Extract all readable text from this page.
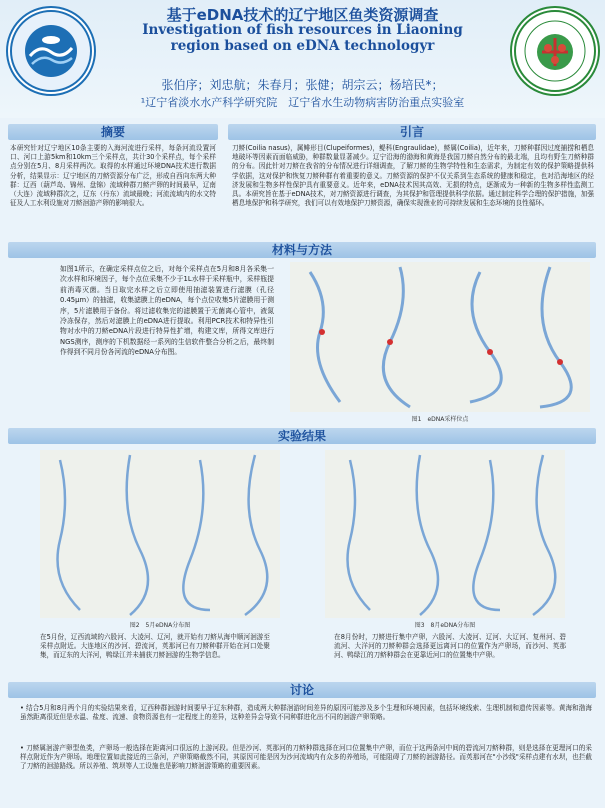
基于eDNA技术的辽宁地区鱼类资源调查
Investigation of fish resources in Liaoning
region based on eDNA technologyr
张伯序；刘忠航；朱春月；张健；胡宗云；杨培民*；
¹辽宁省淡水水产科学研究院　辽宁省水生动物病害防治重点实验室
摘要
本研究针对辽宁地区10条主要的入海河流进行采样，每条河流设置河口、河口上游5km和10km三个采样点，共计30个采样点，每个采样点分别在5月、8月采样两次。取得的水样通过环境DNA技术进行数据分析，结果显示：辽宁地区的刀鲚资源分布广泛，形成自西向东两大种群：辽西（葫芦岛、锦州、盘锦）流域种群刀鲚产卵的时间最早，辽南（大连）流域种群次之，辽东（丹东）流域最晚；河流流域内的水文特征及人工水利设施对刀鲚洄游产卵的影响很大。
引言
刀鲚(Coilia nasus)，属鲱形目(Clupeiformes)，鳀科(Engraulidae)，鲚属(Coilia)，近年来，刀鲚种群因过度捕捞和栖息地破坏等因素而面临威胁，种群数量显著减少。辽宁沿海的渤海和黄海是我国刀鲚自然分布的最北端，且均有野生刀鲚种群的分布。因此针对刀鲚在我省的分布情况进行详细调查，了解刀鲚的生物学特性和生态需求，为制定有效的保护策略提供科学依据，这对保护和恢复刀鲚种群有着重要的意义。刀鲚资源的保护不仅关系到生态系统的健康和稳定，也对沿海地区的经济发展和生物多样性保护具有重要意义。近年来，eDNA技术因其高效、无损的特点，逐渐成为一种新的生物多样性监测工具。本研究旨在基于eDNA技术，对刀鲚资源进行调查，为其保护和管理提供科学依据。通过制定科学合理的保护措施，加强栖息地保护和科学研究，我们可以有效地保护刀鲚资源，确保实现渔业的可持续发展和生态环境的良性循环。
材料与方法
如图1所示，在确定采样点位之后，对每个采样点在5月和8月各采集一次水样和环境因子，每个点位采集不少于1L水样于采样瓶中，采样瓶提前消毒灭菌。当日取完水样之后立即使用抽滤装置进行滤膜（孔径0.45μm）的抽滤，收集滤膜上的eDNA，每个点位收集5片滤膜用于测序，5片滤膜用于备份。将过滤收集完的滤膜置于无菌离心管中，液氮冷冻保存，然后对滤膜上的eDNA进行提取。利用PCR技术和特异性引物对水中的刀鲚eDNA片段进行特异性扩增，构建文库，所得文库进行NGS测序，测序的下机数据经一系列的生信软件整合分析之后，最终制作得到不同月份各河流的eDNA分布图。
图1　eDNA采样位点
实验结果
图2　5月eDNA分布图	图3　8月eDNA分布图
在5月份，辽西流域的六股河、大凌河、辽河，就开始有刀鲚从海中顺河洄游至采样点附近。大连地区的沙河、碧流河，英那河已有刀鲚种群开始在河口处聚集，而辽东的大洋河，鸭绿江并未捕获刀鲚洄游的生物学信息。
在8月份时，刀鲚进行集中产卵，六股河、大凌河、辽河、大辽河、复州河、碧流河、大洋河的刀鲚种群会选择更远离河口的位置作为产卵场，而沙河、英那河、鸭绿江的刀鲚种群会在更靠近河口的位置集中产卵。
讨论
• 结合5月和8月两个月的实验结果来看，辽西种群洄游时间要早于辽东种群，造成两大种群洄游时间差异的原因可能涉及多个生理和环境因素，包括环境线索、生理机制和遗传因素等。黄海和渤海虽然距离很近但是水温、盐度、流速、食物资源也有一定程度上的差异，这种差异会导致不同种群进化出不同的洄游产卵策略。
• 刀鲚属洄游产卵型鱼类，产卵场一般选择在距离河口很远的上游河段。但是沙河、英那河的刀鲚种群选择在河口位置集中产卵，而位于这两条河中间的碧流河刀鲚种群，则是选择在更理河口的采样点附近作为产卵场。地理位置如此接近的三条河，产卵策略截然不同，其原因可能是因为沙河流域内有众多的养殖场，可能阻碍了刀鲚的洄游路径。而英那河在"小沙线"采样点建有水坝，也拦截了刀鲚的洄游路线。所以养殖、筑坝等人工设施也是影响刀鲚洄游策略的重要因素。
